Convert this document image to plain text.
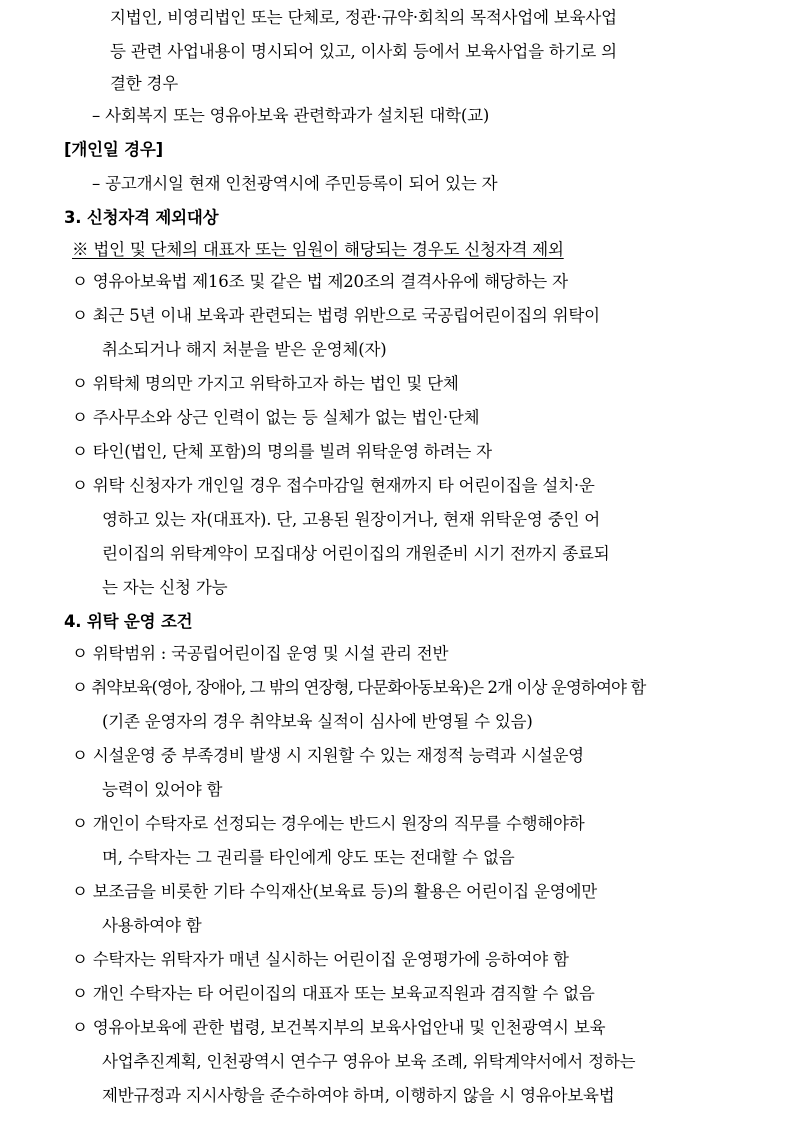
지법인, 비영리법인 또는 단체로, 정관·규약·회칙의 목적사업에 보육사업
등 관련 사업내용이 명시되어 있고, 이사회 등에서 보육사업을 하기로 의
결한 경우
– 사회복지 또는 영유아보육 관련학과가 설치된 대학(교)
[개인일 경우]
– 공고개시일 현재 인천광역시에 주민등록이 되어 있는 자
3. 신청자격 제외대상
※ 법인 및 단체의 대표자 또는 임원이 해당되는 경우도 신청자격 제외
ㅇ 영유아보육법 제16조 및 같은 법 제20조의 결격사유에 해당하는 자
ㅇ 최근 5년 이내 보육과 관련되는 법령 위반으로 국공립어린이집의 위탁이
취소되거나 해지 처분을 받은 운영체(자)
ㅇ 위탁체 명의만 가지고 위탁하고자 하는 법인 및 단체
ㅇ 주사무소와 상근 인력이 없는 등 실체가 없는 법인·단체
ㅇ 타인(법인, 단체 포함)의 명의를 빌려 위탁운영 하려는 자
ㅇ 위탁 신청자가 개인일 경우 접수마감일 현재까지 타 어린이집을 설치·운
영하고 있는 자(대표자). 단, 고용된 원장이거나, 현재 위탁운영 중인 어
린이집의 위탁계약이 모집대상 어린이집의 개원준비 시기 전까지 종료되
는 자는 신청 가능
4. 위탁 운영 조건
ㅇ 위탁범위 : 국공립어린이집 운영 및 시설 관리 전반
ㅇ 취약보육(영아, 장애아, 그 밖의 연장형, 다문화아동보육)은 2개 이상 운영하여야 함
(기존 운영자의 경우 취약보육 실적이 심사에 반영될 수 있음)
ㅇ 시설운영 중 부족경비 발생 시 지원할 수 있는 재정적 능력과 시설운영
능력이 있어야 함
ㅇ 개인이 수탁자로 선정되는 경우에는 반드시 원장의 직무를 수행해야하
며, 수탁자는 그 권리를 타인에게 양도 또는 전대할 수 없음
ㅇ 보조금을 비롯한 기타 수익재산(보육료 등)의 활용은 어린이집 운영에만
사용하여야 함
ㅇ 수탁자는 위탁자가 매년 실시하는 어린이집 운영평가에 응하여야 함
ㅇ 개인 수탁자는 타 어린이집의 대표자 또는 보육교직원과 겸직할 수 없음
ㅇ 영유아보육에 관한 법령, 보건복지부의 보육사업안내 및 인천광역시 보육
사업추진계획, 인천광역시 연수구 영유아 보육 조례, 위탁계약서에서 정하는
제반규정과 지시사항을 준수하여야 하며, 이행하지 않을 시 영유아보육법
